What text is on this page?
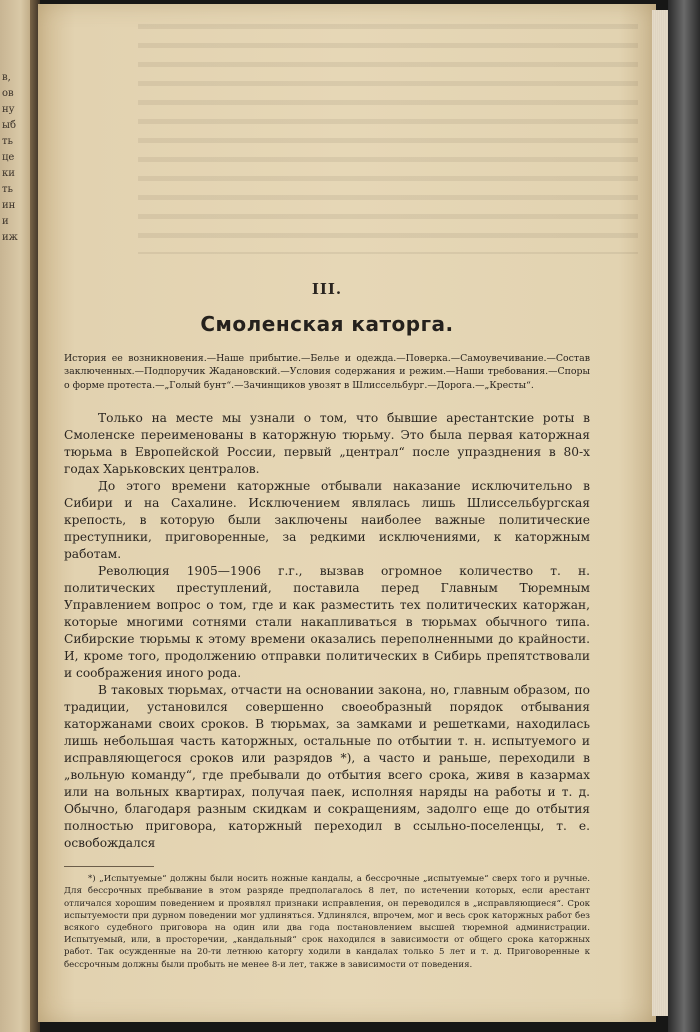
в,
ов
ну
ыб
ть
це
ки
ть
ин
и
иж
III.
Смоленская каторга.

История ее возникновения.—Наше прибытие.—Белье и одежда.—Поверка.—Самоувечивание.—Состав заключенных.—Подпоручик Жадановский.—Условия содержания и режим.—Наши требования.—Споры о форме протеста.—„Голый бунт“.—Зачинщиков увозят в Шлиссельбург.—Дорога.—„Кресты“.

Только на месте мы узнали о том, что бывшие арестантские роты в Смоленске переименованы в каторжную тюрьму. Это была первая каторжная тюрьма в Европейской России, первый „централ“ после упразднения в 80-х годах Харьковских централов.

До этого времени каторжные отбывали наказание исключительно в Сибири и на Сахалине. Исключением являлась лишь Шлиссельбургская крепость, в которую были заключены наиболее важные политические преступники, приговоренные, за редкими исключениями, к каторжным работам.

Революция 1905—1906 г.г., вызвав огромное количество т. н. политических преступлений, поставила перед Главным Тюремным Управлением вопрос о том, где и как разместить тех политических каторжан, которые многими сотнями стали накапливаться в тюрьмах обычного типа. Сибирские тюрьмы к этому времени оказались переполненными до крайности. И, кроме того, продолжению отправки политических в Сибирь препятствовали и соображения иного рода.

В таковых тюрьмах, отчасти на основании закона, но, главным образом, по традиции, установился совершенно своеобразный порядок отбывания каторжанами своих сроков. В тюрьмах, за замками и решетками, находилась лишь небольшая часть каторжных, остальные по отбытии т. н. испытуемого и исправляющегося сроков или разрядов *), а часто и раньше, переходили в „вольную команду“, где пребывали до отбытия всего срока, живя в казармах или на вольных квартирах, получая паек, исполняя наряды на работы и т. д. Обычно, благодаря разным скидкам и сокращениям, задолго еще до отбытия полностью приговора, каторжный переходил в ссыльно-поселенцы, т. е. освобождался

*) „Испытуемые“ должны были носить ножные кандалы, а бессрочные „испытуемые“ сверх того и ручные. Для бессрочных пребывание в этом разряде предполагалось 8 лет, по истечении которых, если арестант отличался хорошим поведением и проявлял признаки исправления, он переводился в „исправляющиеся“. Срок испытуемости при дурном поведении мог удлиняться. Удлинялся, впрочем, мог и весь срок каторжных работ без всякого судебного приговора на один или два года постановлением высшей тюремной администрации. Испытуемый, или, в просторечии, „кандальный“ срок находился в зависимости от общего срока каторжных работ. Так осужденные на 20-ти летнюю каторгу ходили в кандалах только 5 лет и т. д. Приговоренные к бессрочным должны были пробыть не менее 8-и лет, также в зависимости от поведения.
